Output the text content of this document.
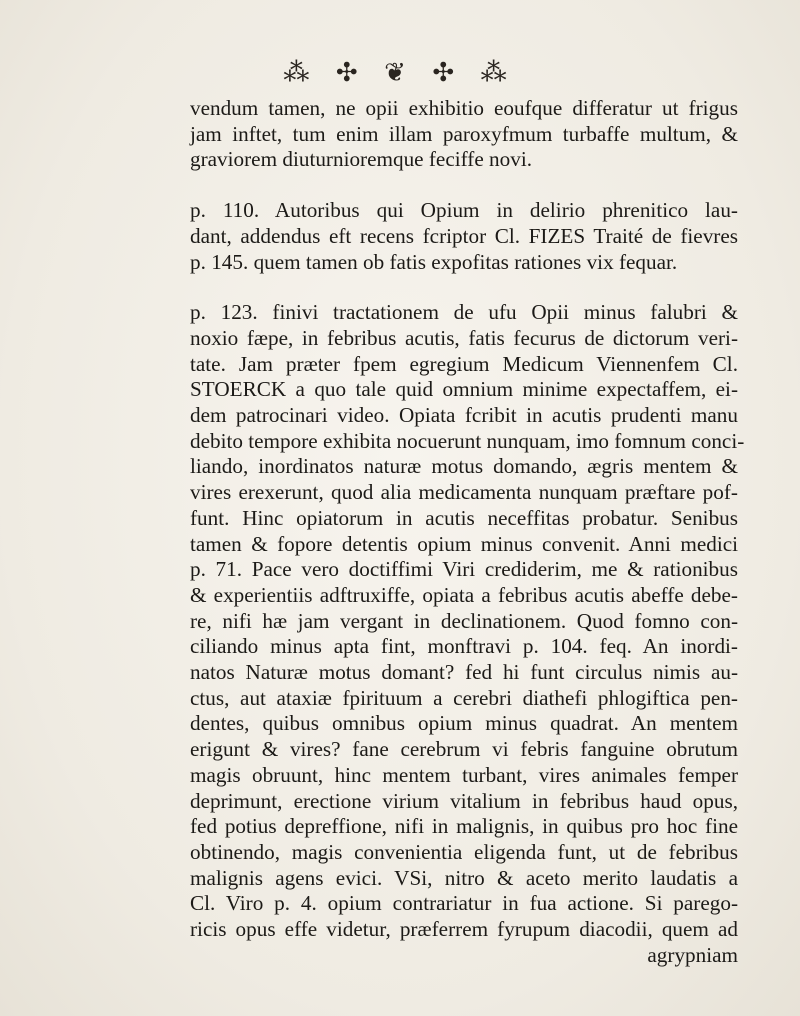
⁂ ✣ ❦ ✣ ⁂
vendum tamen, ne opii exhibitio eoufque differatur ut frigus
jam inftet, tum enim illam paroxyfmum turbaffe multum, &
graviorem diuturnioremque feciffe novi.
p. 110. Autoribus qui Opium in delirio phrenitico lau-
dant, addendus eft recens fcriptor Cl. FIZES Traité de fievres
p. 145. quem tamen ob fatis expofitas rationes vix fequar.
p. 123. finivi tractationem de ufu Opii minus falubri &
noxio fæpe, in febribus acutis, fatis fecurus de dictorum veri-
tate. Jam præter fpem egregium Medicum Viennenfem Cl.
STOERCK a quo tale quid omnium minime expectaffem, ei-
dem patrocinari video. Opiata fcribit in acutis prudenti manu
debito tempore exhibita nocuerunt nunquam, imo fomnum conci-
liando, inordinatos naturæ motus domando, ægris mentem &
vires erexerunt, quod alia medicamenta nunquam præftare pof-
funt. Hinc opiatorum in acutis neceffitas probatur. Senibus
tamen & fopore detentis opium minus convenit. Anni medici
p. 71. Pace vero doctiffimi Viri crediderim, me & rationibus
& experientiis adftruxiffe, opiata a febribus acutis abeffe debe-
re, nifi hæ jam vergant in declinationem. Quod fomno con-
ciliando minus apta fint, monftravi p. 104. feq. An inordi-
natos Naturæ motus domant? fed hi funt circulus nimis au-
ctus, aut ataxiæ fpirituum a cerebri diathefi phlogiftica pen-
dentes, quibus omnibus opium minus quadrat. An mentem
erigunt & vires? fane cerebrum vi febris fanguine obrutum
magis obruunt, hinc mentem turbant, vires animales femper
deprimunt, erectione virium vitalium in febribus haud opus,
fed potius depreffione, nifi in malignis, in quibus pro hoc fine
obtinendo, magis convenientia eligenda funt, ut de febribus
malignis agens evici. VSi, nitro & aceto merito laudatis a
Cl. Viro p. 4. opium contrariatur in fua actione. Si parego-
ricis opus effe videtur, præferrem fyrupum diacodii, quem ad
agrypniam
